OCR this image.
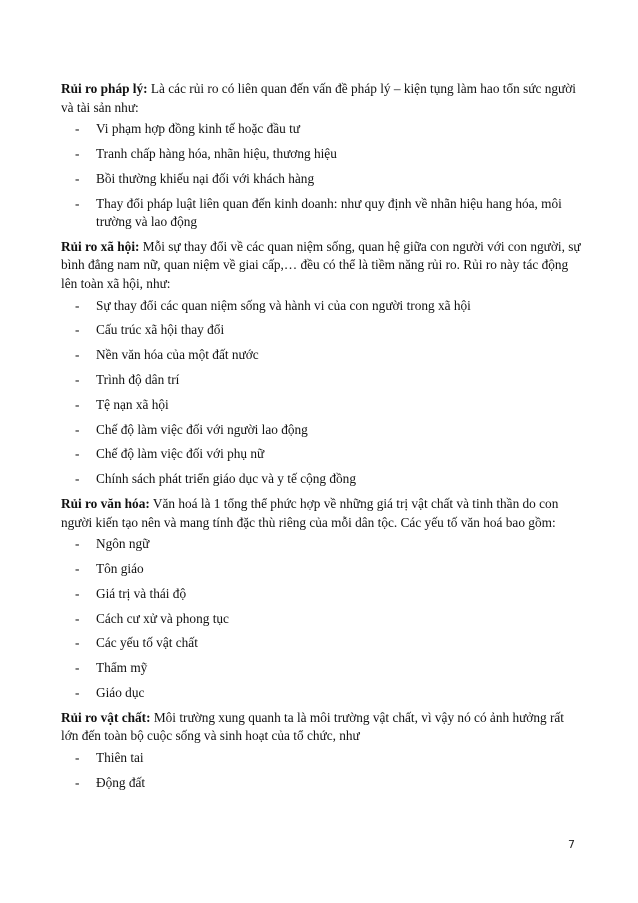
Rủi ro pháp lý: Là các rủi ro có liên quan đến vấn đề pháp lý – kiện tụng làm hao tổn sức người và tài sản như:

- Vi phạm hợp đồng kinh tế hoặc đầu tư
- Tranh chấp hàng hóa, nhãn hiệu, thương hiệu
- Bồi thường khiếu nại đối với khách hàng
- Thay đổi pháp luật liên quan đến kinh doanh: như quy định về nhãn hiệu hang hóa, môi trường và lao động

Rủi ro xã hội: Mỗi sự thay đổi về các quan niệm sống, quan hệ giữa con người với con người, sự bình đẳng nam nữ, quan niệm về giai cấp,… đều có thể là tiềm năng rủi ro. Rủi ro này tác động lên toàn xã hội, như:

- Sự thay đổi các quan niệm sống và hành vi của con người trong xã hội
- Cấu trúc xã hội thay đổi
- Nền văn hóa của một đất nước
- Trình độ dân trí
- Tệ nạn xã hội
- Chế độ làm việc đối với người lao động
- Chế độ làm việc đối với phụ nữ
- Chính sách phát triển giáo dục và y tế cộng đồng

Rủi ro văn hóa: Văn hoá là 1 tổng thể phức hợp về những giá trị vật chất và tinh thần do con người kiến tạo nên và mang tính đặc thù riêng của mỗi dân tộc. Các yếu tố văn hoá bao gồm:

- Ngôn ngữ
- Tôn giáo
- Giá trị và thái độ
- Cách cư xử và phong tục
- Các yếu tố vật chất
- Thẩm mỹ
- Giáo dục

Rủi ro vật chất: Môi trường xung quanh ta là môi trường vật chất, vì vậy nó có ảnh hưởng rất lớn đến toàn bộ cuộc sống và sinh hoạt của tổ chức, như

- Thiên tai
- Động đất
7
